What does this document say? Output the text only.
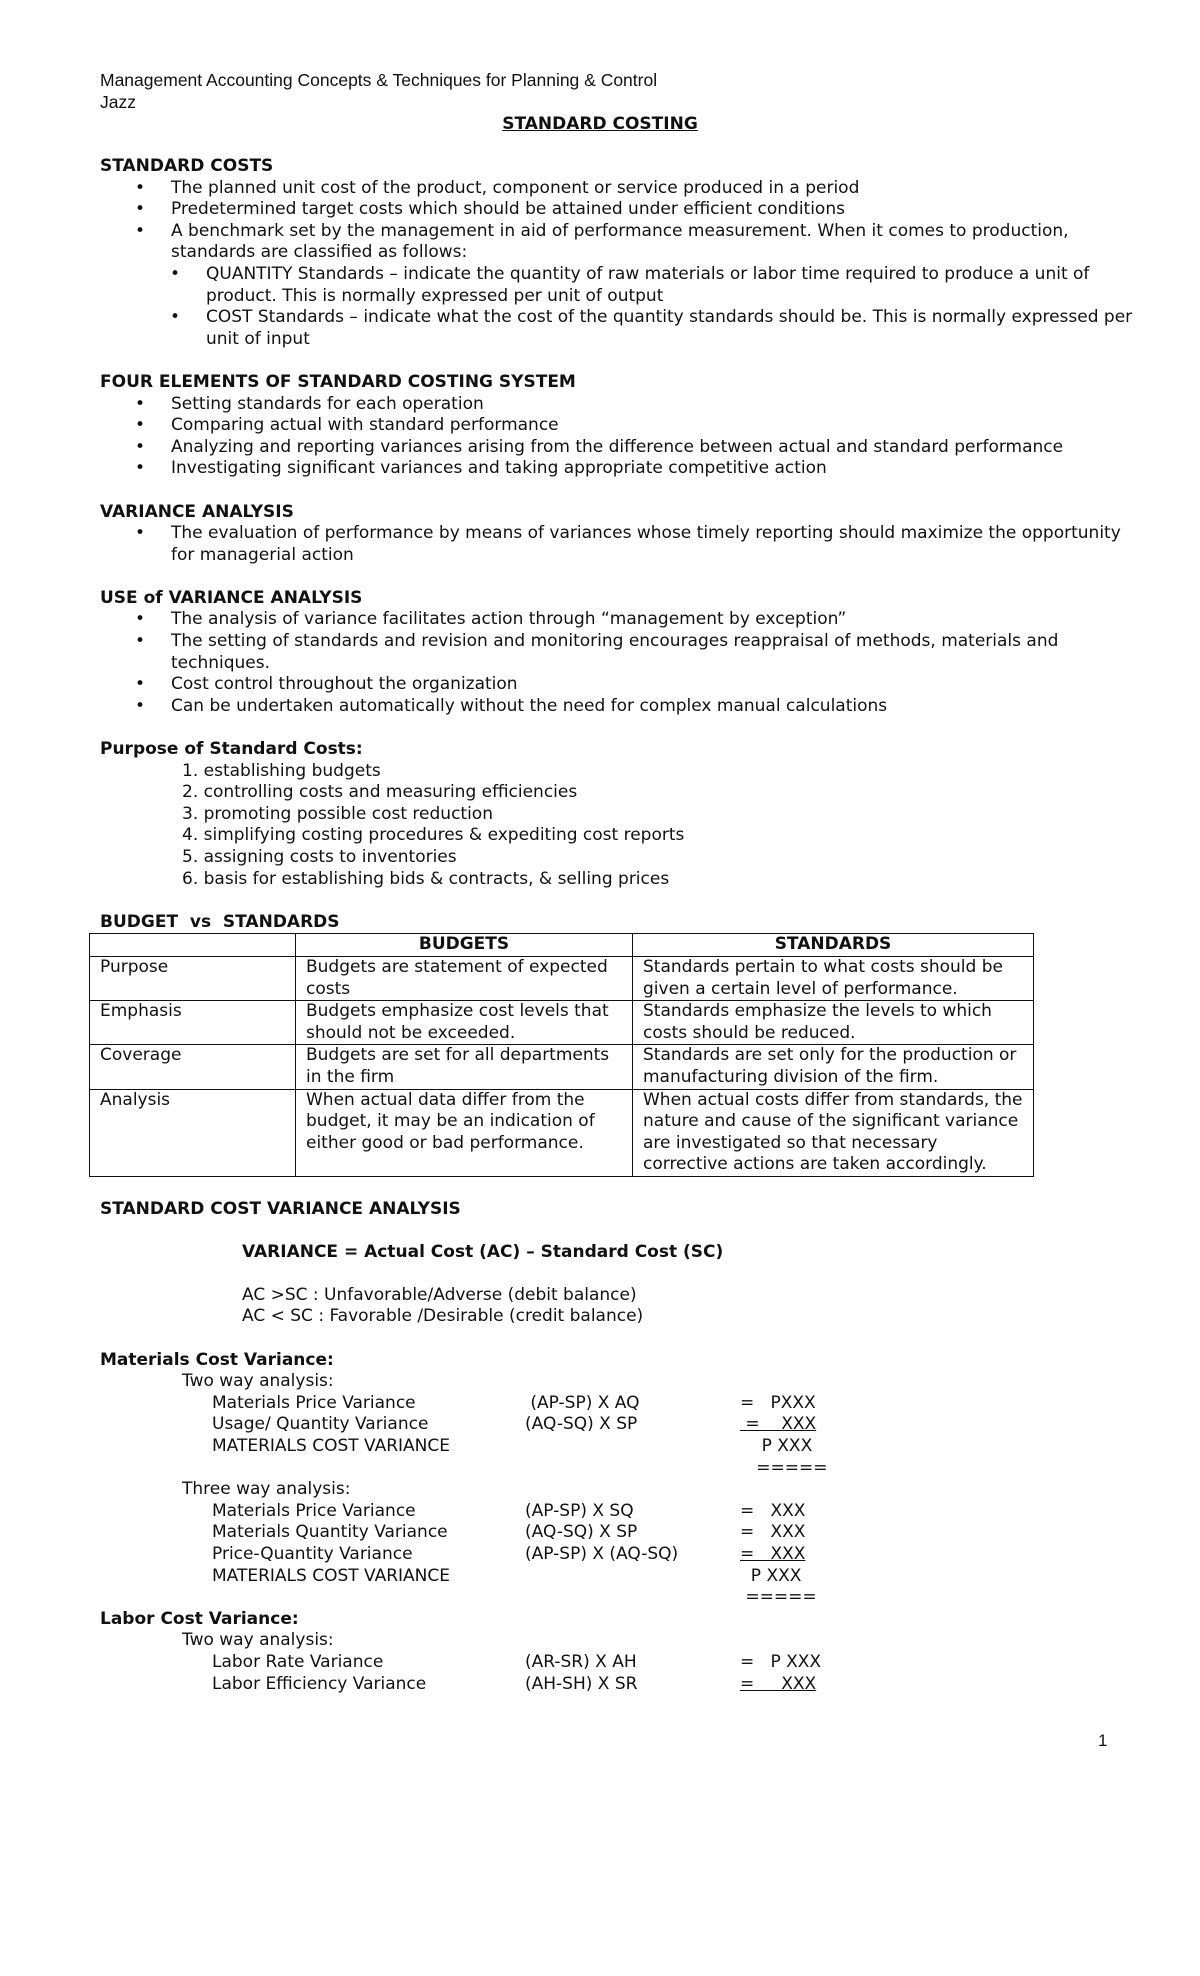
Management Accounting Concepts & Techniques for Planning & Control
Jazz
STANDARD COSTING

STANDARD COSTS

• The planned unit cost of the product, component or service produced in a period
• Predetermined target costs which should be attained under efficient conditions
• A benchmark set by the management in aid of performance measurement. When it comes to production, standards are classified as follows:
• QUANTITY Standards – indicate the quantity of raw materials or labor time required to produce a unit of product. This is normally expressed per unit of output
• COST Standards – indicate what the cost of the quantity standards should be. This is normally expressed per unit of input

FOUR ELEMENTS OF STANDARD COSTING SYSTEM

• Setting standards for each operation
• Comparing actual with standard performance
• Analyzing and reporting variances arising from the difference between actual and standard performance
• Investigating significant variances and taking appropriate competitive action

VARIANCE ANALYSIS

• The evaluation of performance by means of variances whose timely reporting should maximize the opportunity for managerial action

USE of VARIANCE ANALYSIS

• The analysis of variance facilitates action through “management by exception”
• The setting of standards and revision and monitoring encourages reappraisal of methods, materials and techniques.
• Cost control throughout the organization
• Can be undertaken automatically without the need for complex manual calculations

Purpose of Standard Costs:

1. establishing budgets
2. controlling costs and measuring efficiencies
3. promoting possible cost reduction
4. simplifying costing procedures & expediting cost reports
5. assigning costs to inventories
6. basis for establishing bids & contracts, & selling prices

BUDGET  vs  STANDARDS

	BUDGETS	STANDARDS
Purpose	Budgets are statement of expected costs	Standards pertain to what costs should be given a certain level of performance.
Emphasis	Budgets emphasize cost levels that should not be exceeded.	Standards emphasize the levels to which costs should be reduced.
Coverage	Budgets are set for all departments in the firm	Standards are set only for the production or manufacturing division of the firm.
Analysis	When actual data differ from the budget, it may be an indication of either good or bad performance.	When actual costs differ from standards, the nature and cause of the significant variance are investigated so that necessary corrective actions are taken accordingly.

STANDARD COST VARIANCE ANALYSIS

VARIANCE = Actual Cost (AC) – Standard Cost (SC)
AC >SC : Unfavorable/Adverse (debit balance)
AC < SC : Favorable /Desirable (credit balance)

Materials Cost Variance:

Two way analysis:
Materials Price Variance	(AP-SP) X AQ	=   PXXX
Usage/ Quantity Variance	(AQ-SQ) X SP	=    XXX
MATERIALS COST VARIANCE	P XXX
=====
Three way analysis:
Materials Price Variance	(AP-SP) X SQ	=   XXX
Materials Quantity Variance	(AQ-SQ) X SP	=   XXX
Price-Quantity Variance	(AP-SP) X (AQ-SQ)	=   XXX
MATERIALS COST VARIANCE	P XXX
=====

Labor Cost Variance:

Two way analysis:
Labor Rate Variance	(AR-SR) X AH	=   P XXX
Labor Efficiency Variance	(AH-SH) X SR	=     XXX
1
